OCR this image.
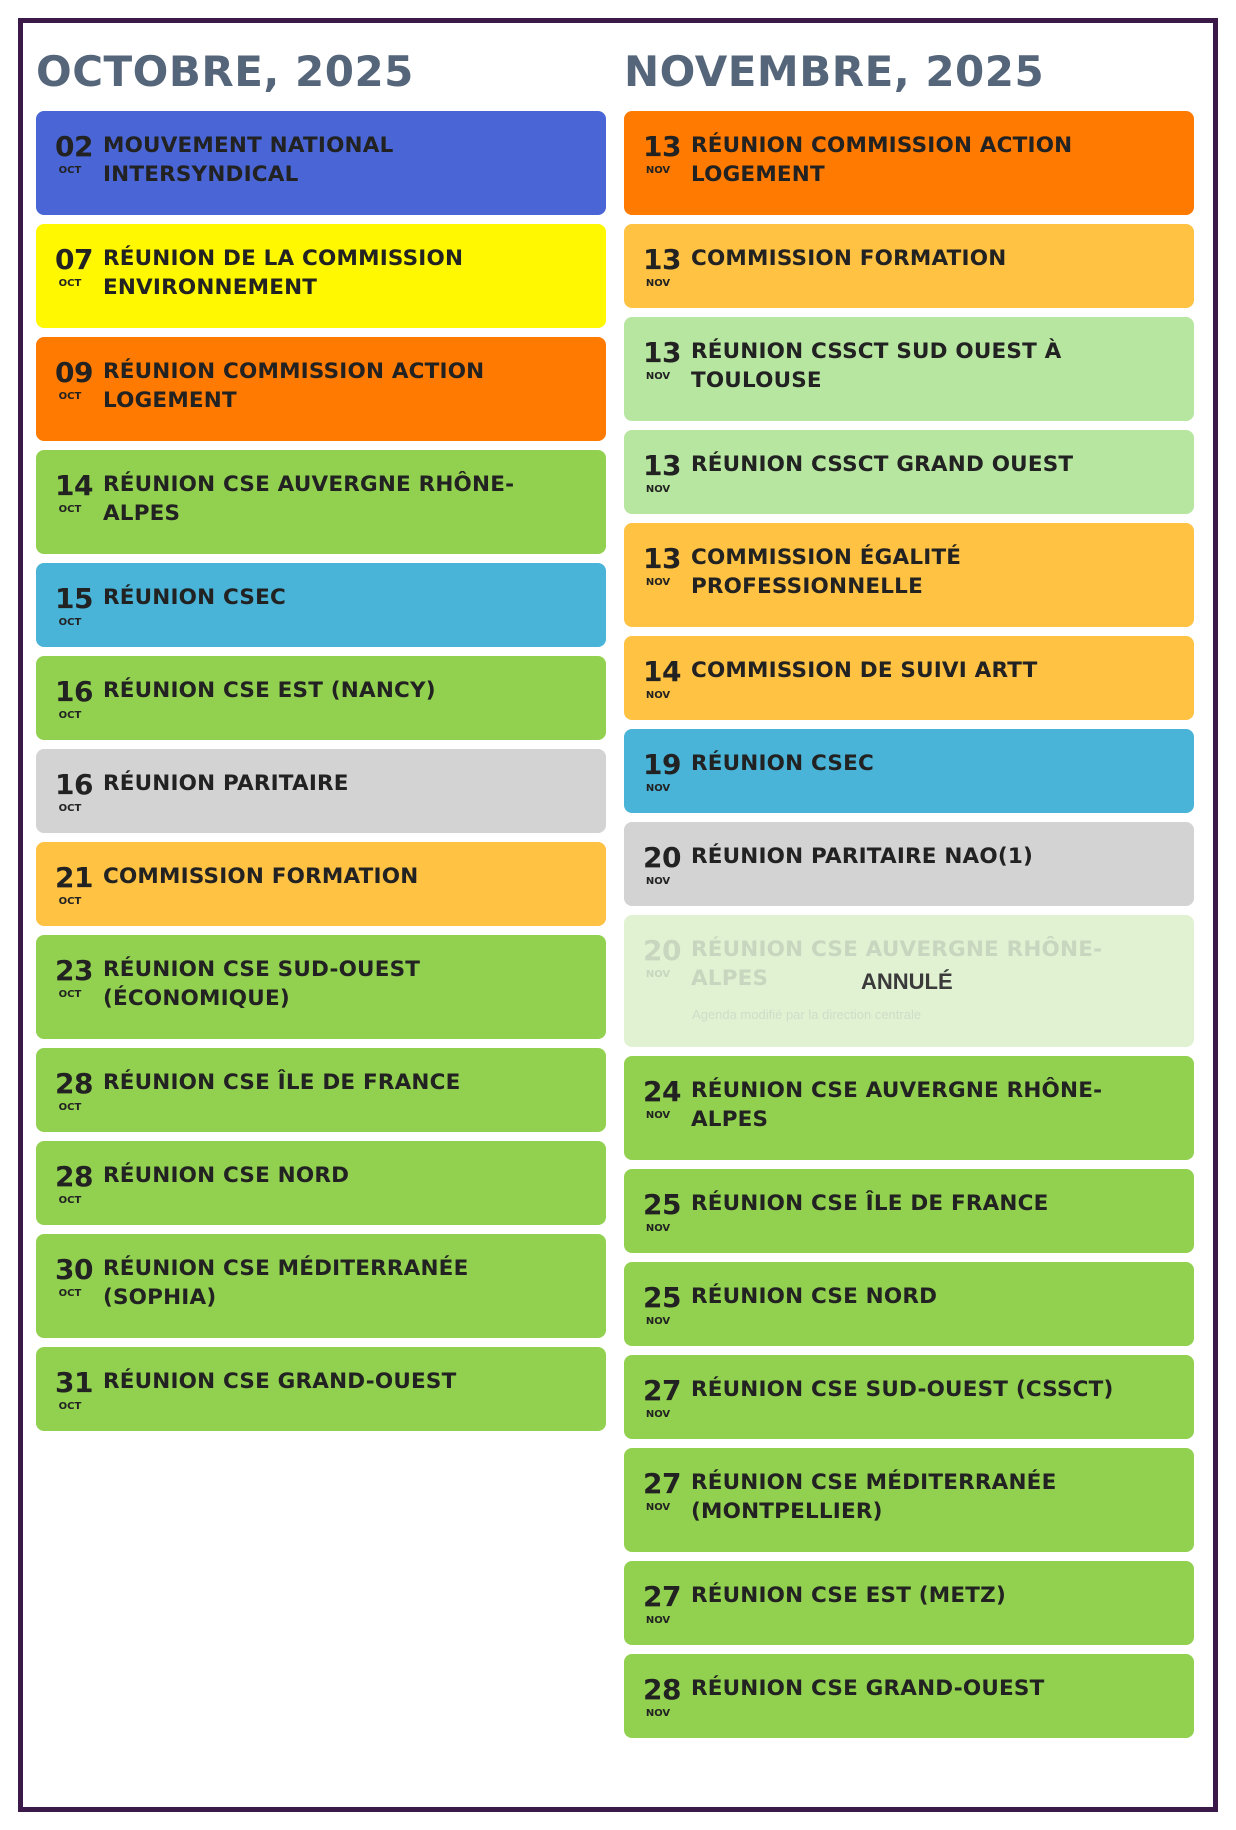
OCTOBRE, 2025
02
OCT
MOUVEMENT NATIONAL INTERSYNDICAL
07
OCT
RÉUNION DE LA COMMISSION ENVIRONNEMENT
09
OCT
RÉUNION COMMISSION ACTION LOGEMENT
14
OCT
RÉUNION CSE AUVERGNE RHÔNE-ALPES
15
OCT
RÉUNION CSEC
16
OCT
RÉUNION CSE EST (NANCY)
16
OCT
RÉUNION PARITAIRE
21
OCT
COMMISSION FORMATION
23
OCT
RÉUNION CSE SUD-OUEST (ÉCONOMIQUE)
28
OCT
RÉUNION CSE ÎLE DE FRANCE
28
OCT
RÉUNION CSE NORD
30
OCT
RÉUNION CSE MÉDITERRANÉE (SOPHIA)
31
OCT
RÉUNION CSE GRAND-OUEST
NOVEMBRE, 2025
13
NOV
RÉUNION COMMISSION ACTION LOGEMENT
13
NOV
COMMISSION FORMATION
13
NOV
RÉUNION CSSCT SUD OUEST À TOULOUSE
13
NOV
RÉUNION CSSCT GRAND OUEST
13
NOV
COMMISSION ÉGALITÉ PROFESSIONNELLE
14
NOV
COMMISSION DE SUIVI ARTT
19
NOV
RÉUNION CSEC
20
NOV
RÉUNION PARITAIRE NAO(1)
20
NOV
RÉUNION CSE AUVERGNE RHÔNE-ALPES	ANNULÉ
Agenda modifié par la direction centrale
24
NOV
RÉUNION CSE AUVERGNE RHÔNE-ALPES
25
NOV
RÉUNION CSE ÎLE DE FRANCE
25
NOV
RÉUNION CSE NORD
27
NOV
RÉUNION CSE SUD-OUEST (CSSCT)
27
NOV
RÉUNION CSE MÉDITERRANÉE (MONTPELLIER)
27
NOV
RÉUNION CSE EST (METZ)
28
NOV
RÉUNION CSE GRAND-OUEST
